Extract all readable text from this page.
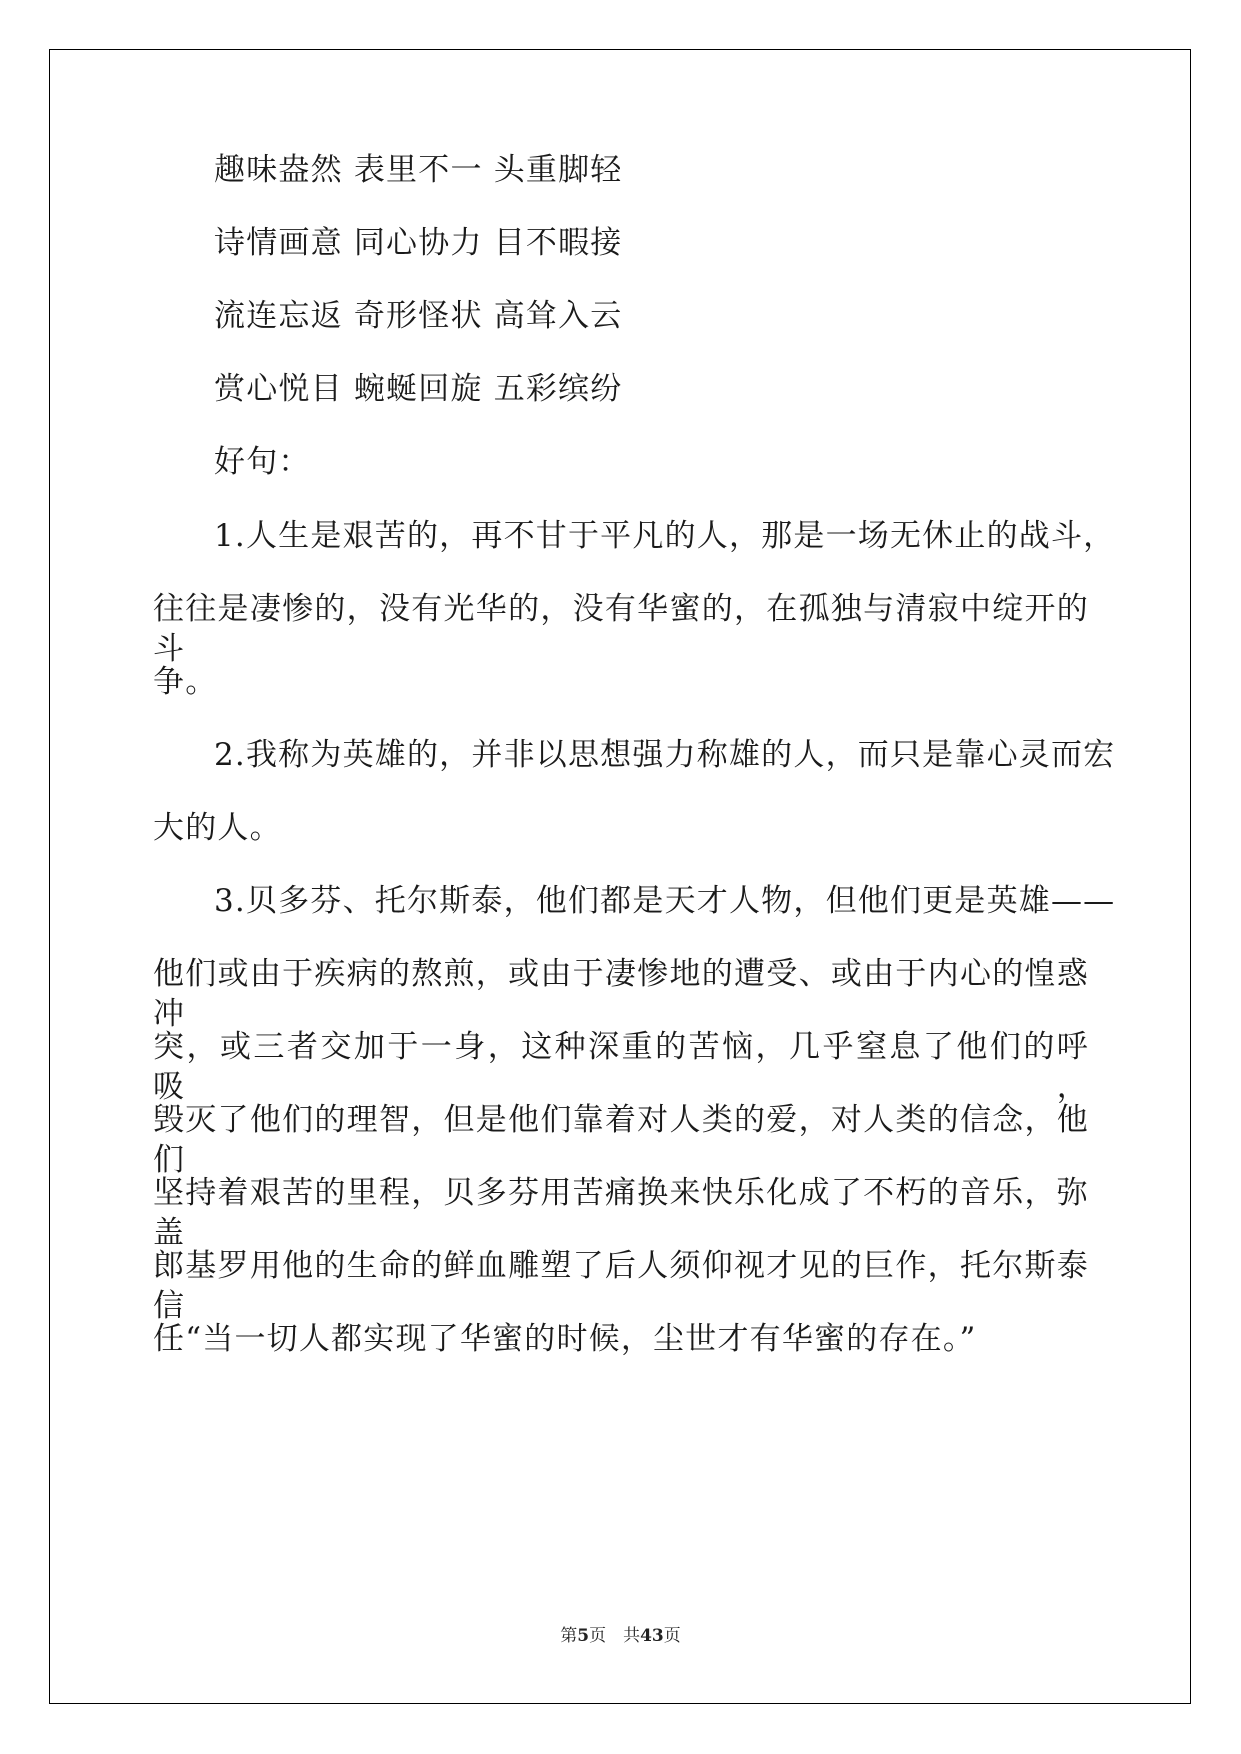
趣味盎然 表里不一 头重脚轻
诗情画意 同心协力 目不暇接
流连忘返 奇形怪状 高耸入云
赏心悦目 蜿蜒回旋 五彩缤纷
好句：
1.人生是艰苦的，再不甘于平凡的人，那是一场无休止的战斗，
往往是凄惨的，没有光华的，没有华蜜的，在孤独与清寂中绽开的斗
争。
2.我称为英雄的，并非以思想强力称雄的人，而只是靠心灵而宏
大的人。
3.贝多芬、托尔斯泰，他们都是天才人物，但他们更是英雄——
他们或由于疾病的熬煎，或由于凄惨地的遭受、或由于内心的惶惑冲
突，或三者交加于一身，这种深重的苦恼，几乎窒息了他们的呼吸，
毁灭了他们的理智，但是他们靠着对人类的爱，对人类的信念，他们
坚持着艰苦的里程，贝多芬用苦痛换来快乐化成了不朽的音乐，弥盖
郎基罗用他的生命的鲜血雕塑了后人须仰视才见的巨作，托尔斯泰信
任“当一切人都实现了华蜜的时候，尘世才有华蜜的存在。”
第5页　共43页
